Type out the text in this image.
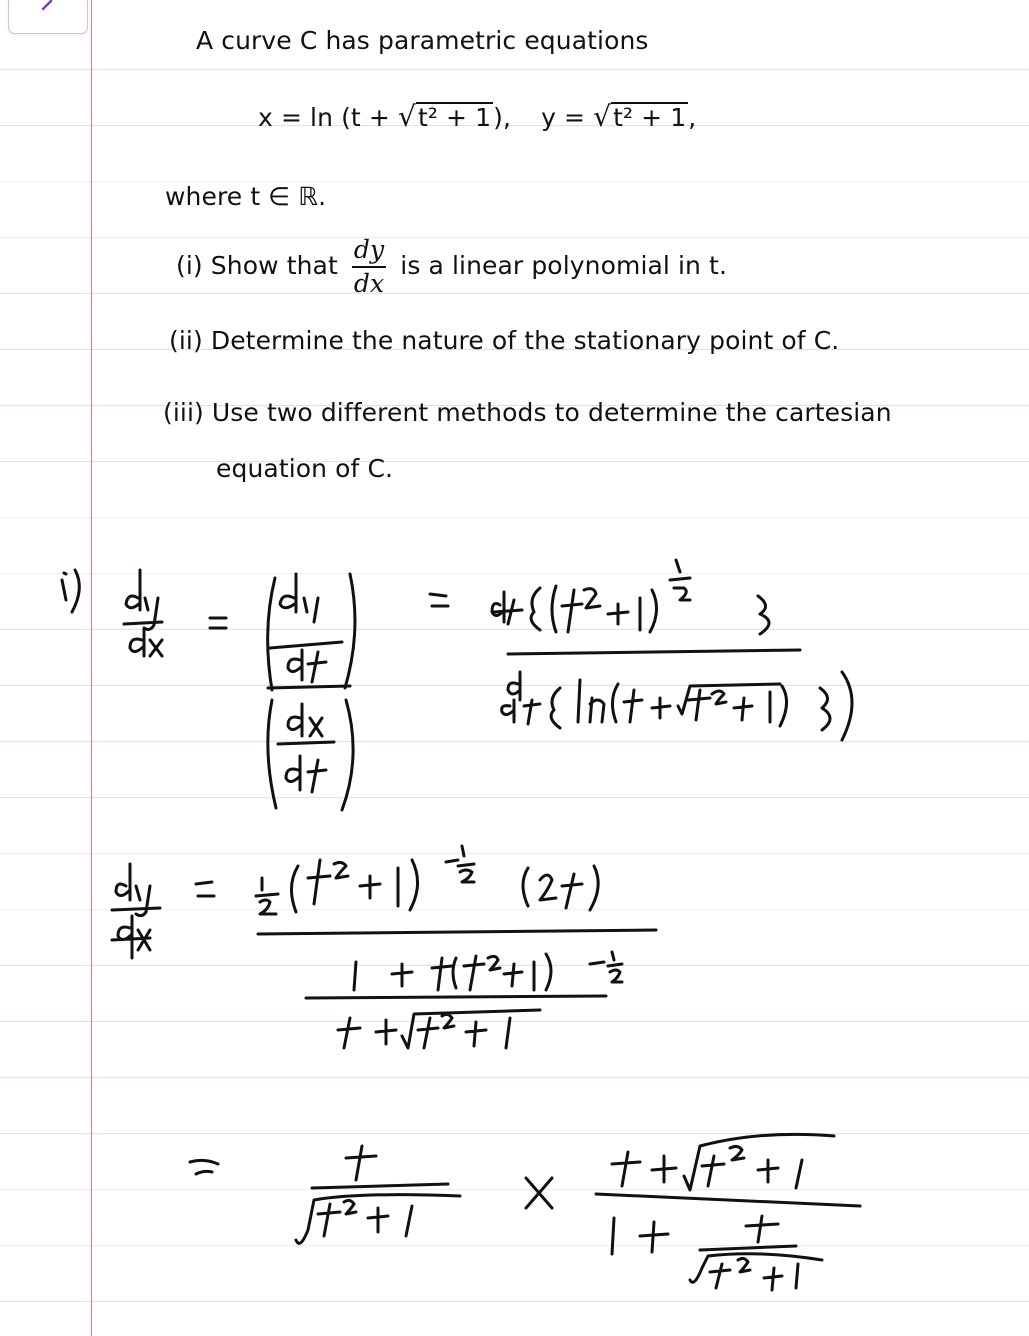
A curve C has parametric equations
x = ln (t + √t² + 1), y = √t² + 1,
where t ∈ ℝ.
(i) Show that $\frac{dy}{dx}$ is a linear polynomial in t.
(ii) Determine the nature of the stationary point of C.
(iii) Use two different methods to determine the cartesian
equation of C.
